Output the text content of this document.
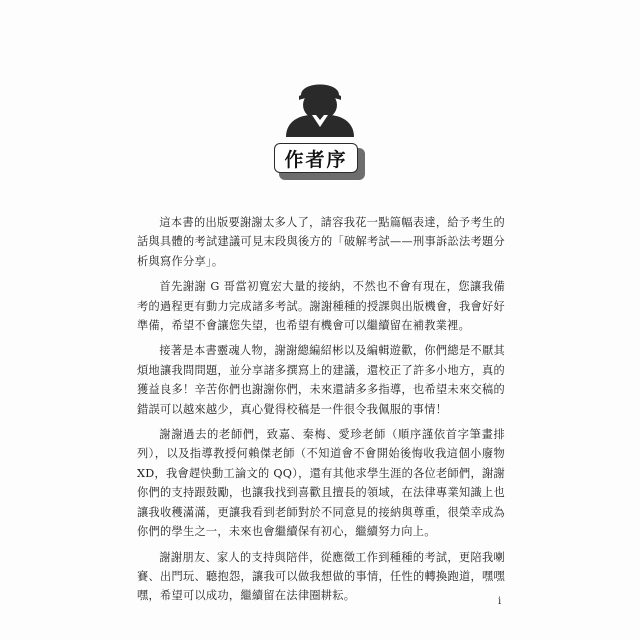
作者序

這本書的出版要謝謝太多人了，請容我花一點篇幅表達，給予考生的話與具體的考試建議可見末段與後方的「破解考試——刑事訴訟法考題分析與寫作分享」。

首先謝謝 G 哥當初寬宏大量的接納，不然也不會有現在，您讓我備考的過程更有動力完成諸多考試。謝謝種種的授課與出版機會，我會好好準備，希望不會讓您失望，也希望有機會可以繼續留在補教業裡。

接著是本書靈魂人物，謝謝總編紹彬以及編輯遊歡，你們總是不厭其煩地讓我問問題，並分享諸多撰寫上的建議，還校正了許多小地方，真的獲益良多！辛苦你們也謝謝你們，未來還請多多指導，也希望未來交稿的錯誤可以越來越少，真心覺得校稿是一件很令我佩服的事情！

謝謝過去的老師們，致嘉、秦梅、愛珍老師（順序謹依首字筆畫排列），以及指導教授何賴傑老師（不知道會不會開始後悔收我這個小廢物 XD，我會趕快動工論文的 QQ），還有其他求學生涯的各位老師們，謝謝你們的支持跟鼓勵，也讓我找到喜歡且擅長的領域，在法律專業知識上也讓我收穫滿滿，更讓我看到老師對於不同意見的接納與尊重，很榮幸成為你們的學生之一，未來也會繼續保有初心，繼續努力向上。

謝謝朋友、家人的支持與陪伴，從應徵工作到種種的考試，更陪我喇賽、出門玩、聽抱怨，讓我可以做我想做的事情，任性的轉換跑道，嘿嘿嘿，希望可以成功，繼續留在法律圈耕耘。	i
